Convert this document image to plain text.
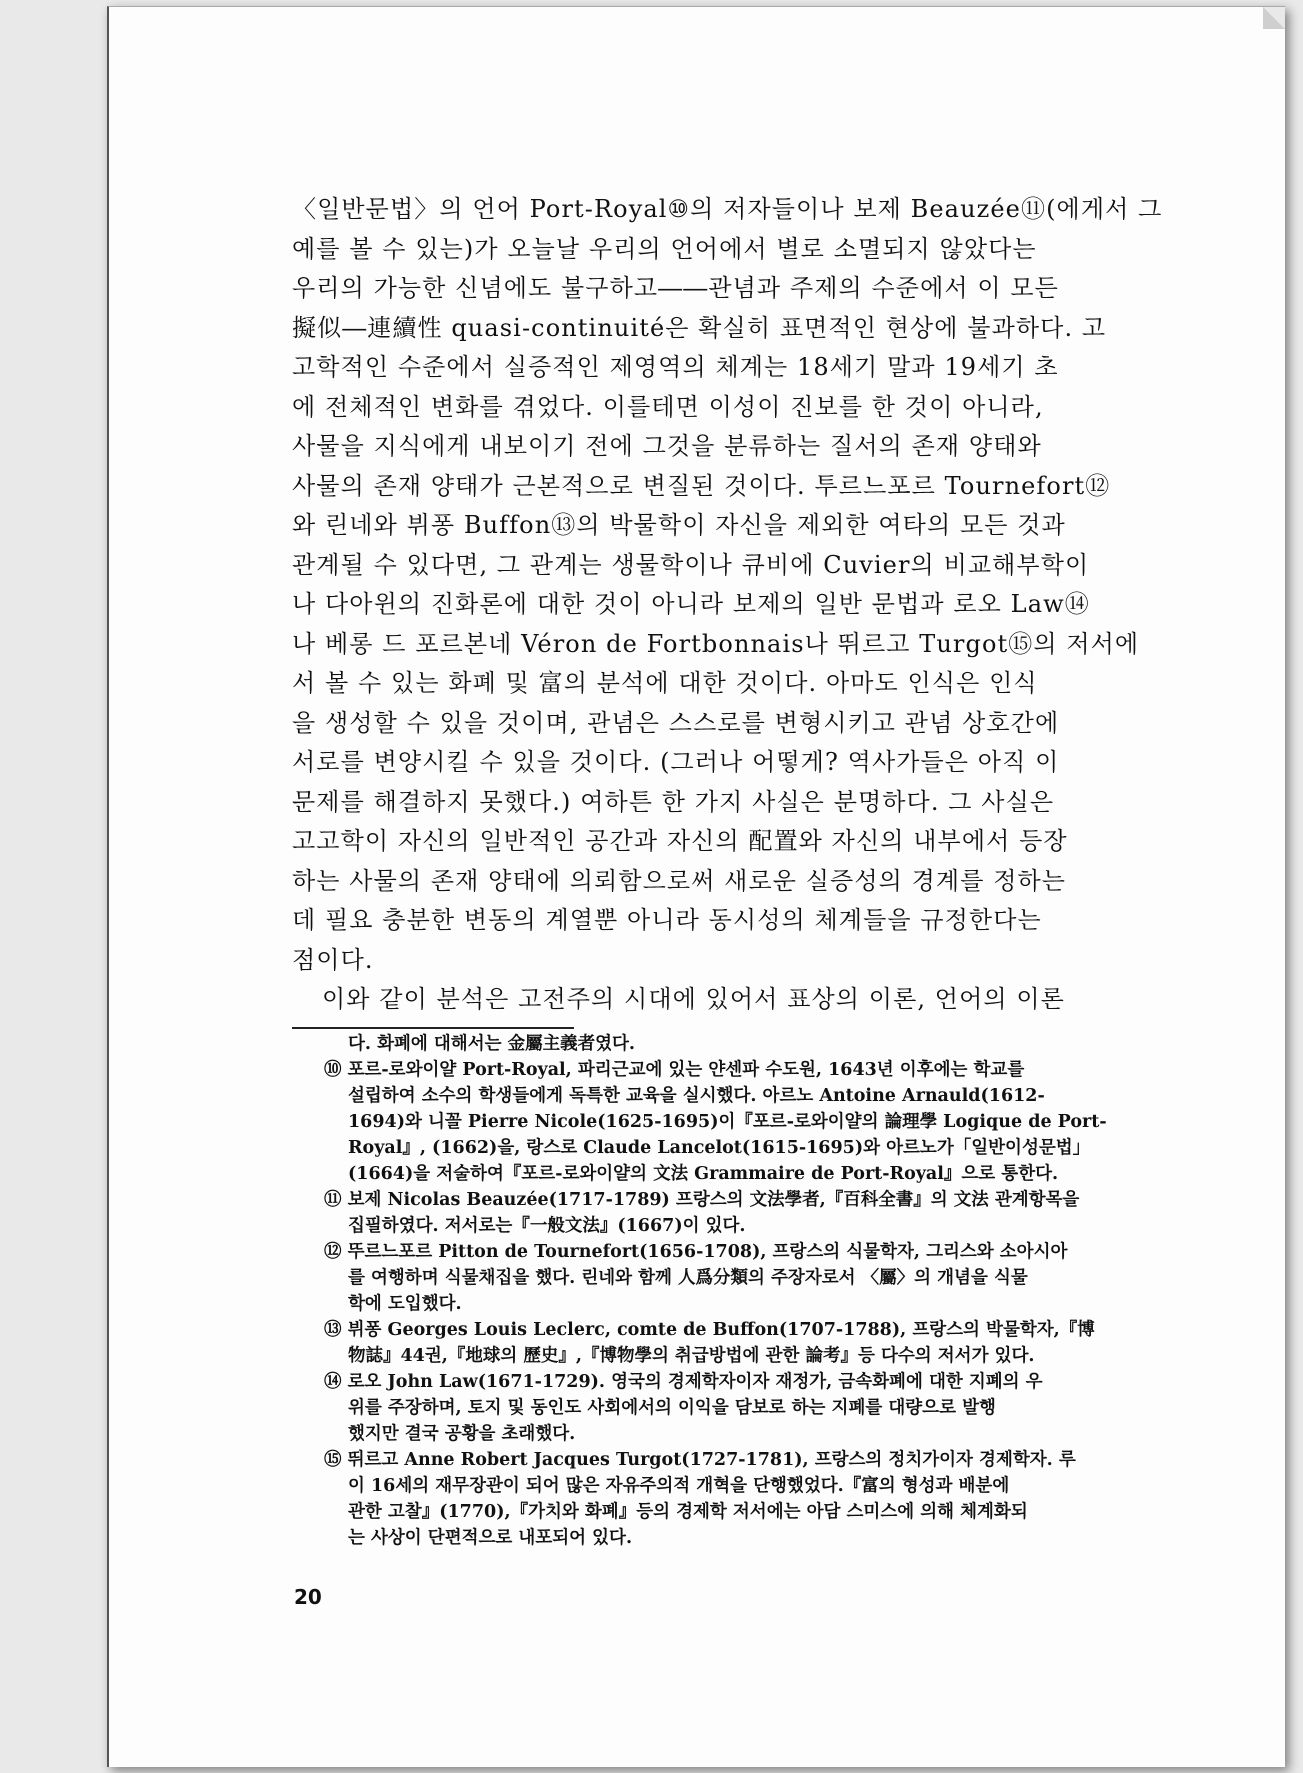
〈일반문법〉의 언어 Port-Royal⑩의 저자들이나 보제 Beauzée⑪(에게서 그
예를 볼 수 있는)가 오늘날 우리의 언어에서 별로 소멸되지 않았다는
우리의 가능한 신념에도 불구하고――관념과 주제의 수준에서 이 모든
擬似―連續性 quasi-continuité은 확실히 표면적인 현상에 불과하다. 고
고학적인 수준에서 실증적인 제영역의 체계는 18세기 말과 19세기 초
에 전체적인 변화를 겪었다. 이를테면 이성이 진보를 한 것이 아니라,
사물을 지식에게 내보이기 전에 그것을 분류하는 질서의 존재 양태와
사물의 존재 양태가 근본적으로 변질된 것이다. 투르느포르 Tournefort⑫
와 린네와 뷔퐁 Buffon⑬의 박물학이 자신을 제외한 여타의 모든 것과
관계될 수 있다면, 그 관계는 생물학이나 큐비에 Cuvier의 비교해부학이
나 다아윈의 진화론에 대한 것이 아니라 보제의 일반 문법과 로오 Law⑭
나 베롱 드 포르본네 Véron de Fortbonnais나 뛰르고 Turgot⑮의 저서에
서 볼 수 있는 화폐 및 富의 분석에 대한 것이다. 아마도 인식은 인식
을 생성할 수 있을 것이며, 관념은 스스로를 변형시키고 관념 상호간에
서로를 변양시킬 수 있을 것이다. (그러나 어떻게? 역사가들은 아직 이
문제를 해결하지 못했다.) 여하튼 한 가지 사실은 분명하다. 그 사실은
고고학이 자신의 일반적인 공간과 자신의 配置와 자신의 내부에서 등장
하는 사물의 존재 양태에 의뢰함으로써 새로운 실증성의 경계를 정하는
데 필요 충분한 변동의 계열뿐 아니라 동시성의 체계들을 규정한다는
점이다.
이와 같이 분석은 고전주의 시대에 있어서 표상의 이론, 언어의 이론
다. 화폐에 대해서는 金屬主義者였다.
⑩ 포르-로와이얄 Port-Royal, 파리근교에 있는 얀센파 수도원, 1643년 이후에는 학교를
설립하여 소수의 학생들에게 독특한 교육을 실시했다. 아르노 Antoine Arnauld(1612-
1694)와 니꼴 Pierre Nicole(1625-1695)이『포르-로와이얄의 論理學 Logique de Port-
Royal』, (1662)을, 랑스로 Claude Lancelot(1615-1695)와 아르노가「일반이성문법」
(1664)을 저술하여『포르-로와이얄의 文法 Grammaire de Port-Royal』으로 통한다.
⑪ 보제 Nicolas Beauzée(1717-1789) 프랑스의 文法學者,『百科全書』의 文法 관계항목을
집필하였다. 저서로는『一般文法』(1667)이 있다.
⑫ 뚜르느포르 Pitton de Tournefort(1656-1708), 프랑스의 식물학자, 그리스와 소아시아
를 여행하며 식물채집을 했다. 린네와 함께 人爲分類의 주장자로서 〈屬〉의 개념을 식물
학에 도입했다.
⑬ 뷔퐁 Georges Louis Leclerc, comte de Buffon(1707-1788), 프랑스의 박물학자,『博
物誌』44권,『地球의 歷史』,『博物學의 취급방법에 관한 論考』등 다수의 저서가 있다.
⑭ 로오 John Law(1671-1729). 영국의 경제학자이자 재정가, 금속화폐에 대한 지폐의 우
위를 주장하며, 토지 및 동인도 사회에서의 이익을 담보로 하는 지폐를 대량으로 발행
했지만 결국 공황을 초래했다.
⑮ 뛰르고 Anne Robert Jacques Turgot(1727-1781), 프랑스의 정치가이자 경제학자. 루
이 16세의 재무장관이 되어 많은 자유주의적 개혁을 단행했었다.『富의 형성과 배분에
관한 고찰』(1770),『가치와 화폐』등의 경제학 저서에는 아담 스미스에 의해 체계화되
는 사상이 단편적으로 내포되어 있다.
20
